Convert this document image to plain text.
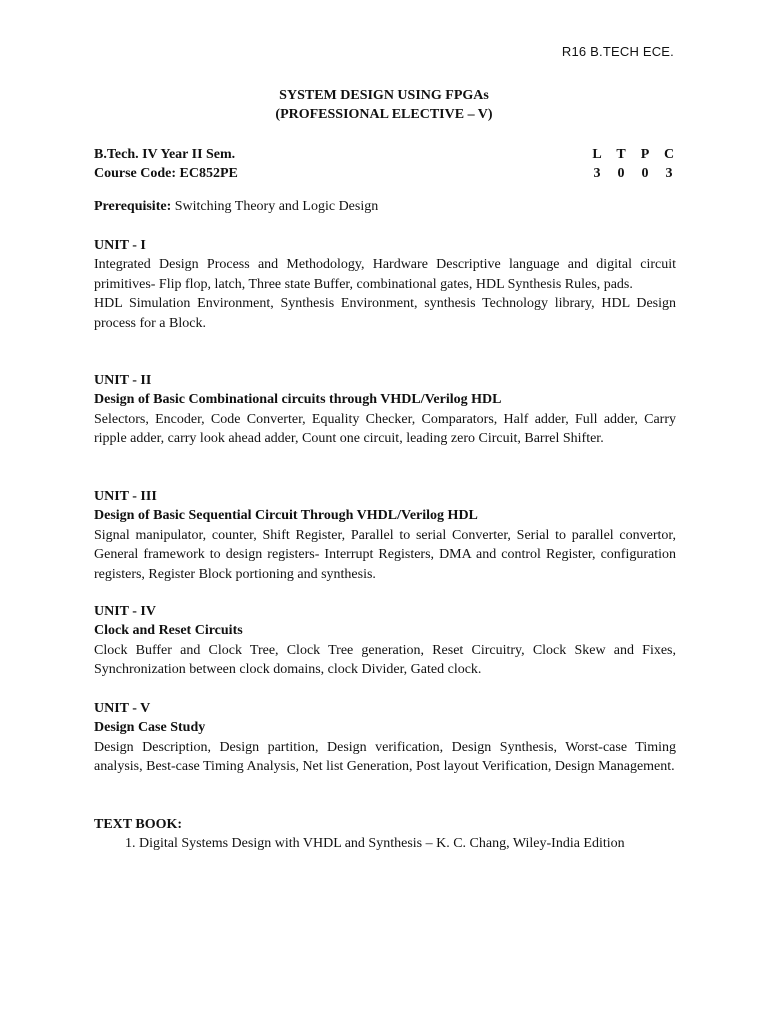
R16 B.TECH ECE.
SYSTEM DESIGN USING FPGAs
(PROFESSIONAL ELECTIVE – V)
B.Tech. IV Year II Sem.	L T P C
Course Code: EC852PE	3 0 0 3
Prerequisite: Switching Theory and Logic Design

UNIT - I

Integrated Design Process and Methodology, Hardware Descriptive language and digital circuit primitives- Flip flop, latch, Three state Buffer, combinational gates, HDL Synthesis Rules, pads.

HDL Simulation Environment, Synthesis Environment, synthesis Technology library, HDL Design process for a Block.

UNIT - II

Design of Basic Combinational circuits through VHDL/Verilog HDL

Selectors, Encoder, Code Converter, Equality Checker, Comparators, Half adder, Full adder, Carry ripple adder, carry look ahead adder, Count one circuit, leading zero Circuit, Barrel Shifter.

UNIT - III

Design of Basic Sequential Circuit Through VHDL/Verilog HDL

Signal manipulator, counter, Shift Register, Parallel to serial Converter, Serial to parallel convertor, General framework to design registers- Interrupt Registers, DMA and control Register, configuration registers, Register Block portioning and synthesis.

UNIT - IV

Clock and Reset Circuits

Clock Buffer and Clock Tree, Clock Tree generation, Reset Circuitry, Clock Skew and Fixes, Synchronization between clock domains, clock Divider, Gated clock.

UNIT - V

Design Case Study

Design Description, Design partition, Design verification, Design Synthesis, Worst-case Timing analysis, Best-case Timing Analysis, Net list Generation, Post layout Verification, Design Management.

TEXT BOOK:

1. Digital Systems Design with VHDL and Synthesis – K. C. Chang, Wiley-India Edition
